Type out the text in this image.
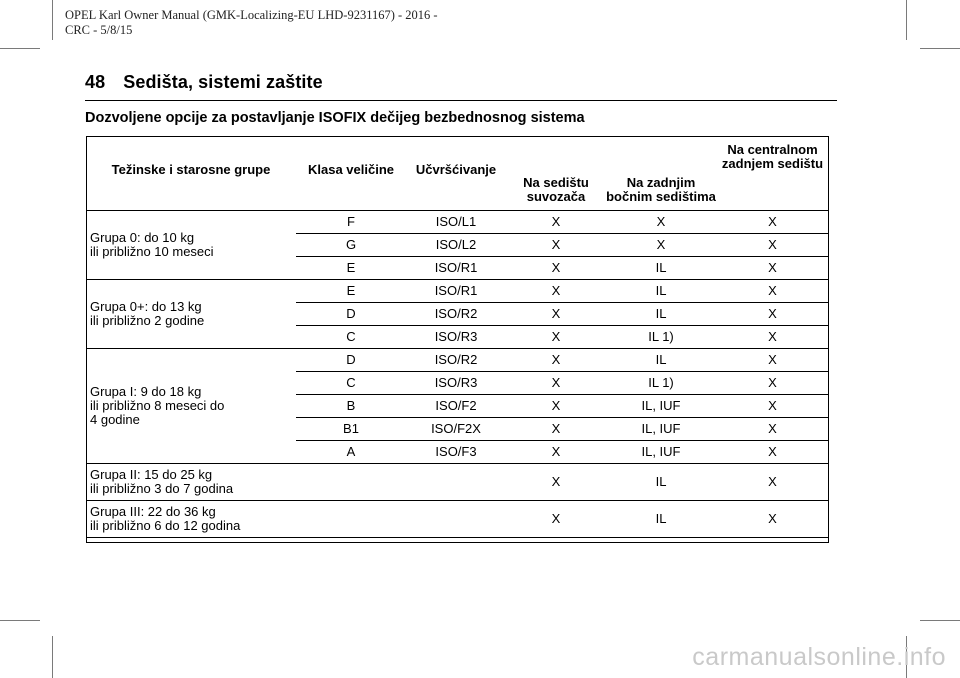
OPEL Karl Owner Manual (GMK-Localizing-EU LHD-9231167) - 2016 -
CRC - 5/8/15
48 Sedišta, sistemi zaštite
Dozvoljene opcije za postavljanje ISOFIX dečijeg bezbednosnog sistema
Težinske i starosne grupe	Klasa veličine	Učvršćivanje	Na sedištu suvozača	Na zadnjim bočnim sedištima	Na centralnom zadnjem sedištu
Grupa 0: do 10 kg
ili približno 10 meseci	F	ISO/L1	X	X	X
	G	ISO/L2	X	X	X
	E	ISO/R1	X	IL	X
Grupa 0+: do 13 kg
ili približno 2 godine	E	ISO/R1	X	IL	X
	D	ISO/R2	X	IL	X
	C	ISO/R3	X	IL 1)	X
Grupa I: 9 do 18 kg
ili približno 8 meseci do
4 godine	D	ISO/R2	X	IL	X
	C	ISO/R3	X	IL 1)	X
	B	ISO/F2	X	IL, IUF	X
	B1	ISO/F2X	X	IL, IUF	X
	A	ISO/F3	X	IL, IUF	X
Grupa II: 15 do 25 kg
ili približno 3 do 7 godina			X	IL	X
Grupa III: 22 do 36 kg
ili približno 6 do 12 godina			X	IL	X
carmanualsonline.info
